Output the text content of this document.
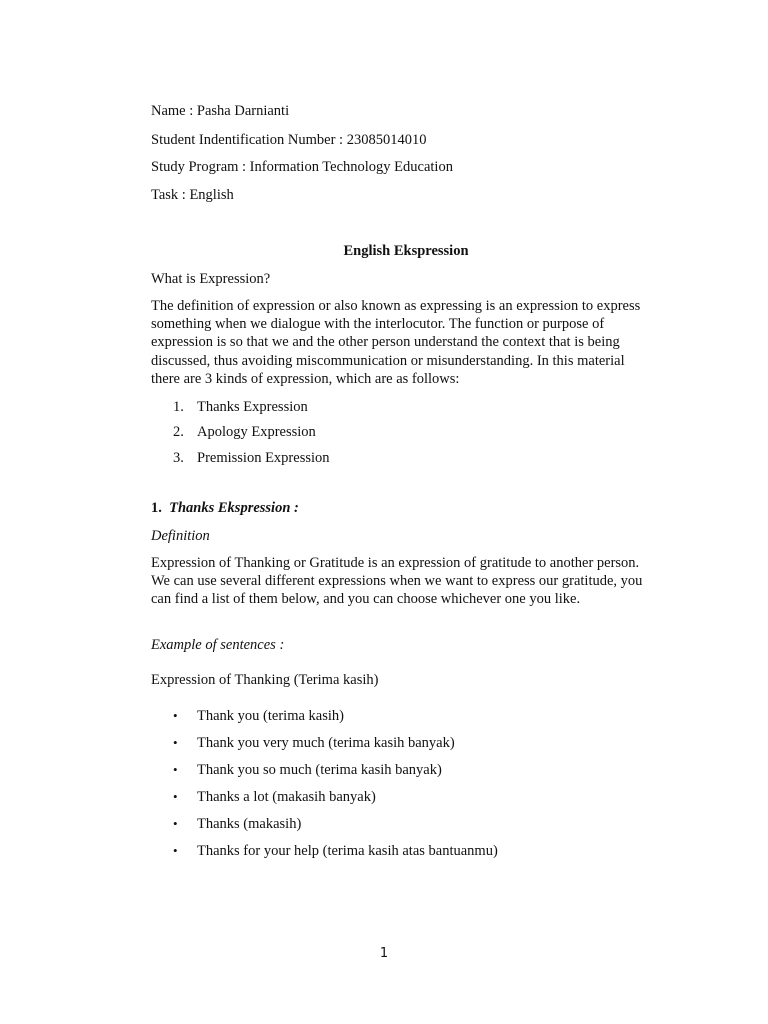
Name : Pasha Darnianti
Student Indentification Number : 23085014010
Study Program : Information Technology Education
Task : English
English Ekspression
What is Expression?
The definition of expression or also known as expressing is an expression to express something when we dialogue with the interlocutor. The function or purpose of expression is so that we and the other person understand the context that is being discussed, thus avoiding miscommunication or misunderstanding. In this material there are 3 kinds of expression, which are as follows:
1. Thanks Expression
2. Apology Expression
3. Premission Expression
1. Thanks Ekspression :
Definition
Expression of Thanking or Gratitude is an expression of gratitude to another person. We can use several different expressions when we want to express our gratitude, you can find a list of them below, and you can choose whichever one you like.
Example of sentences :
Expression of Thanking (Terima kasih)
• Thank you (terima kasih)
• Thank you very much (terima kasih banyak)
• Thank you so much (terima kasih banyak)
• Thanks a lot (makasih banyak)
• Thanks (makasih)
• Thanks for your help (terima kasih atas bantuanmu)
1
